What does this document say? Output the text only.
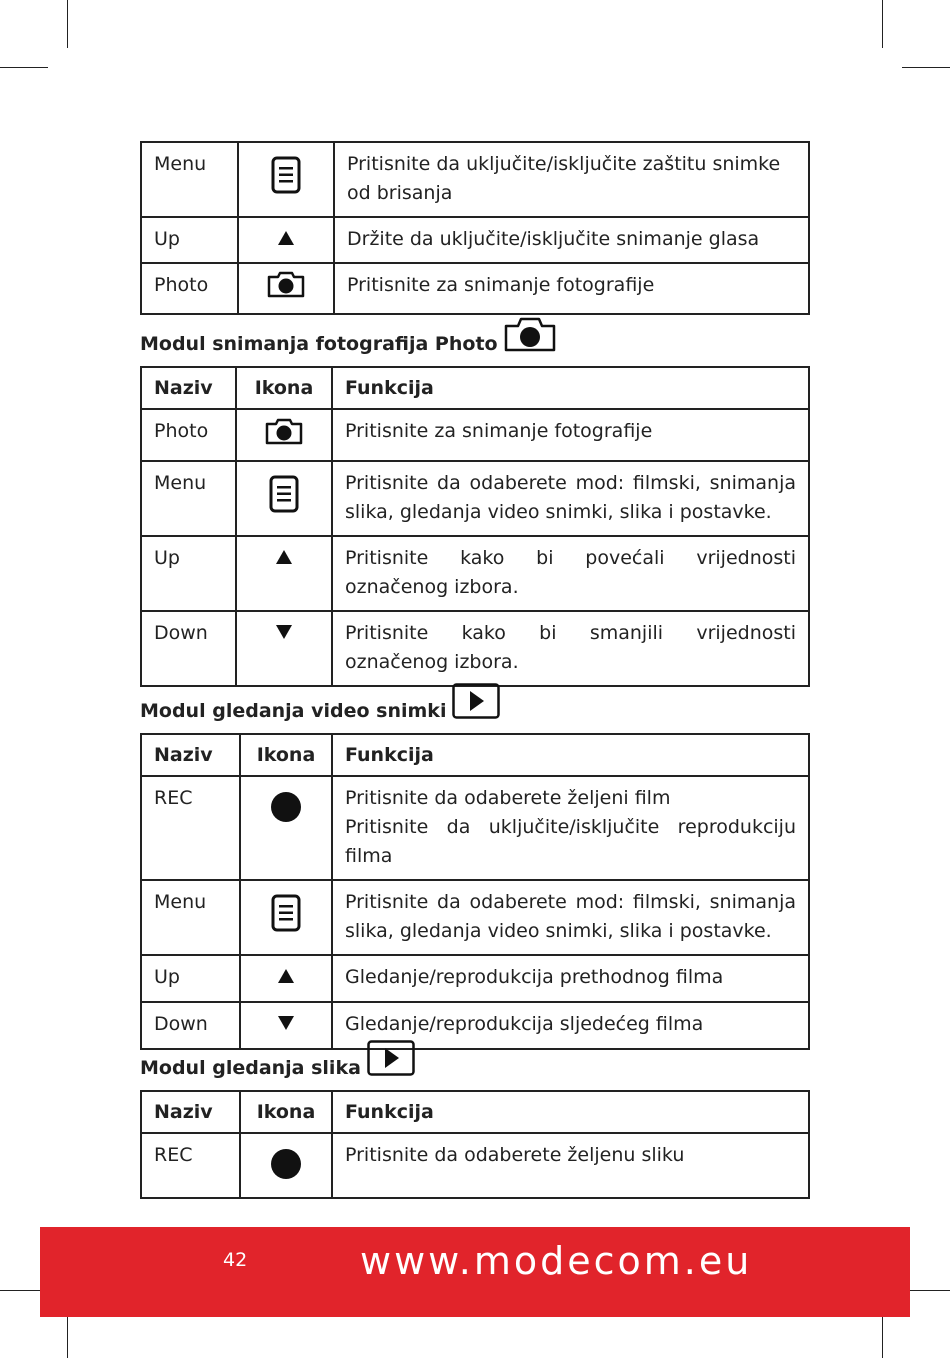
Menu		Pritisnite da uključite/isključite zaštitu snimke od brisanja
Up		Držite da uključite/isključite snimanje glasa
Photo		Pritisnite za snimanje fotografije
Modul snimanja fotografija Photo
Naziv	Ikona	Funkcija
Photo		Pritisnite za snimanje fotografije
Menu		Pritisnite da odaberete mod: filmski, snimanja slika, gledanja video snimki, slika i postavke.
Up		Pritisnite kako bi povećali vrijednosti označenog izbora.
Down		Pritisnite kako bi smanjili vrijednosti označenog izbora.
Modul gledanja video snimki
Naziv	Ikona	Funkcija
REC		Pritisnite da odaberete željeni film
Pritisnite da uključite/isključite reprodukciju filma

Menu		Pritisnite da odaberete mod: filmski, snimanja slika, gledanja video snimki, slika i postavke.
Up		Gledanje/reprodukcija prethodnog filma
Down		Gledanje/reprodukcija sljedećeg filma
Modul gledanja slika
Naziv	Ikona	Funkcija
REC		Pritisnite da odaberete željenu sliku
42	www.modecom.eu
